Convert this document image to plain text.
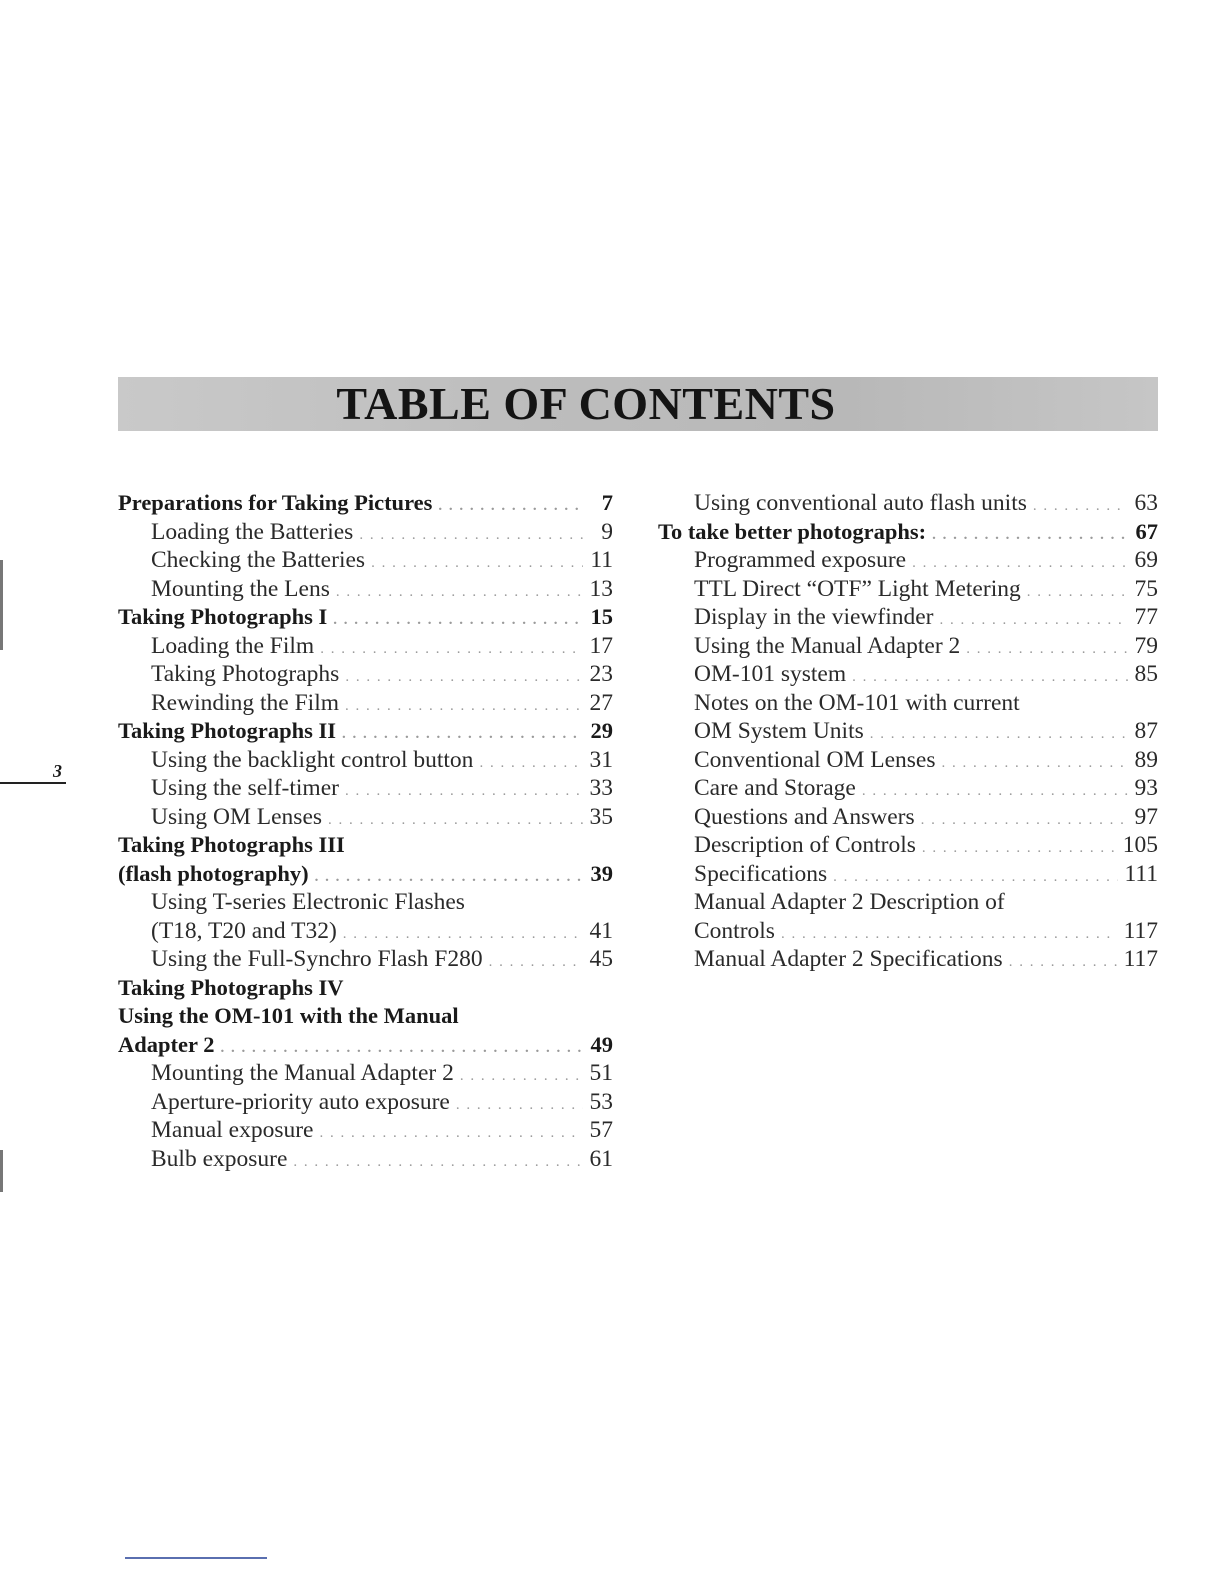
TABLE OF CONTENTS
Preparations for Taking Pictures . . .	7
Loading the Batteries . . .	9
Checking the Batteries . . .	11
Mounting the Lens . . .	13
Taking Photographs I . . .	15
Loading the Film . . .	17
Taking Photographs . . .	23
Rewinding the Film . . .	27
Taking Photographs II . . .	29
Using the backlight control button . . .	31
Using the self-timer . . .	33
Using OM Lenses . . .	35
Taking Photographs III
(flash photography) . . .	39
Using T-series Electronic Flashes
(T18, T20 and T32) . . .	41
Using the Full-Synchro Flash F280 . . .	45
Taking Photographs IV
Using the OM-101 with the Manual
Adapter 2 . . .	49
Mounting the Manual Adapter 2 . . .	51
Aperture-priority auto exposure . . .	53
Manual exposure . . .	57
Bulb exposure . . .	61
Using conventional auto flash units . . .	63
To take better photographs: . . .	67
Programmed exposure . . .	69
TTL Direct “OTF” Light Metering . . .	75
Display in the viewfinder . . .	77
Using the Manual Adapter 2 . . .	79
OM-101 system . . .	85
Notes on the OM-101 with current
OM System Units . . .	87
Conventional OM Lenses . . .	89
Care and Storage . . .	93
Questions and Answers . . .	97
Description of Controls . . .	105
Specifications . . .	111
Manual Adapter 2 Description of
Controls . . .	117
Manual Adapter 2 Specifications . . .	117
3
